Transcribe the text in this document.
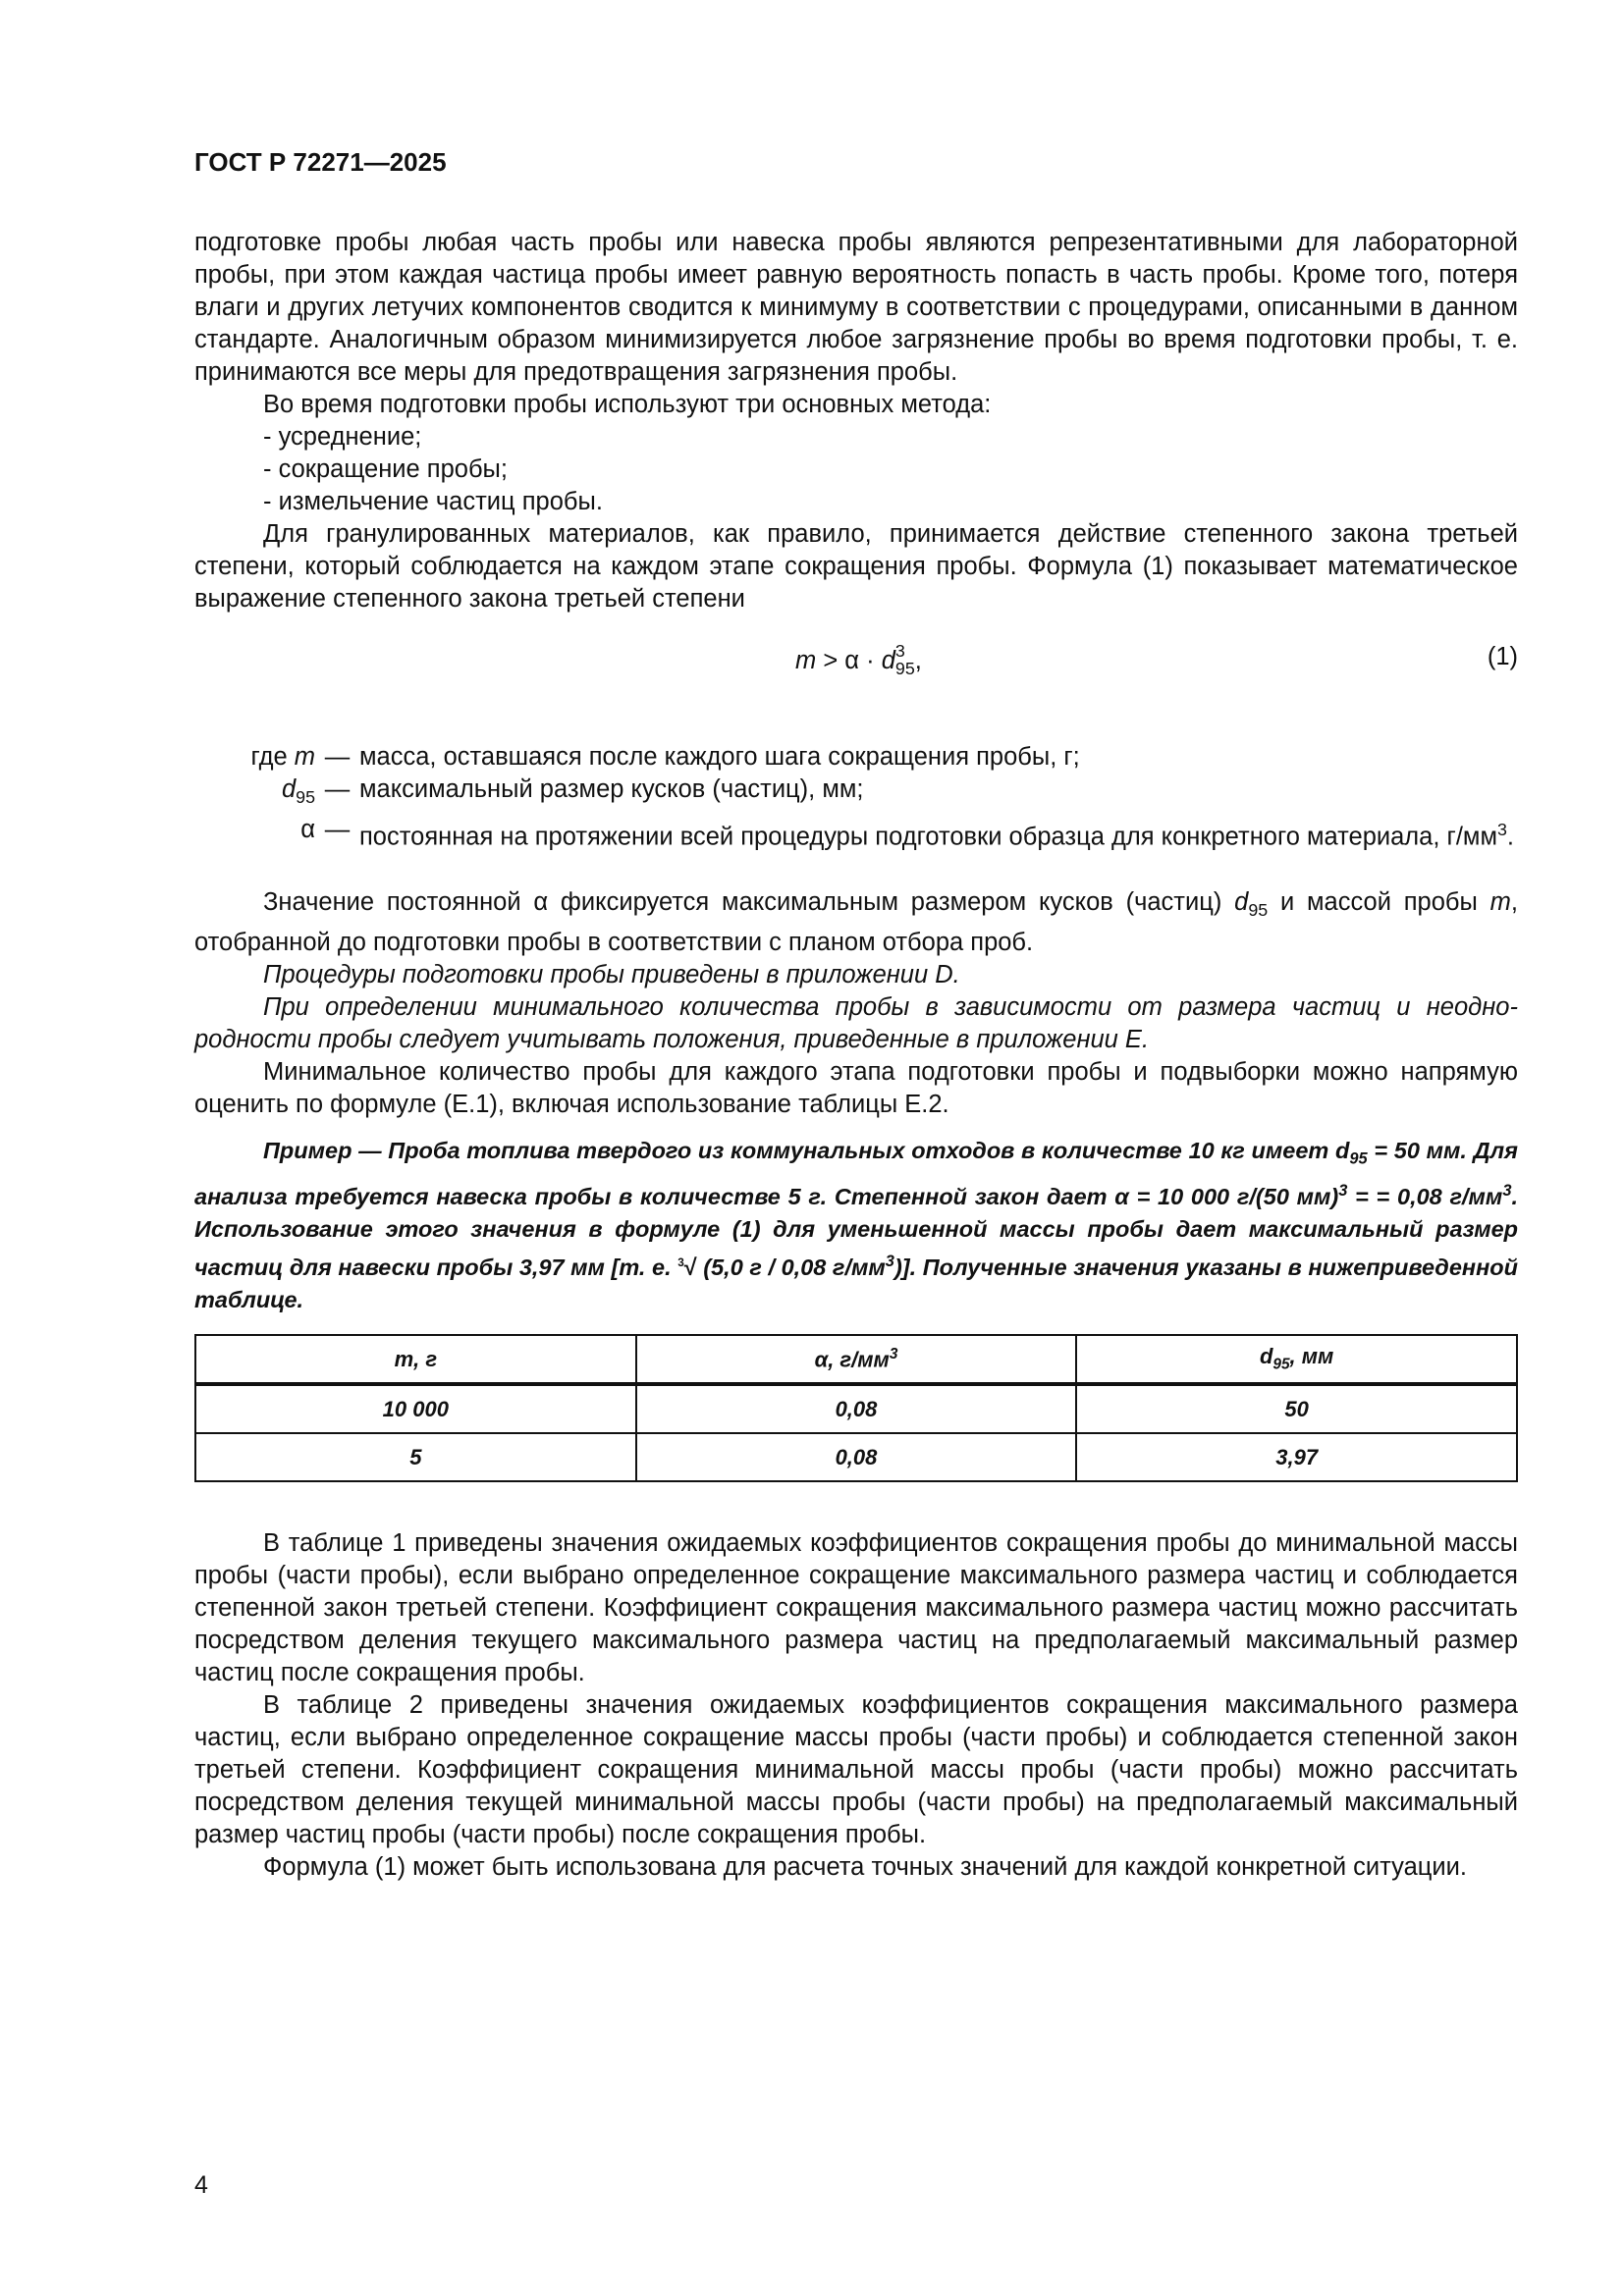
ГОСТ Р 72271—2025

подготовке пробы любая часть пробы или навеска пробы являются репрезентативными для лабораторной пробы, при этом каждая частица пробы имеет равную вероятность попасть в часть пробы. Кроме того, потеря влаги и других летучих компонентов сводится к минимуму в соответствии с процедурами, описанными в данном стандарте. Аналогичным образом минимизируется любое загрязнение пробы во время подготовки пробы, т. е. принимаются все меры для предотвращения загрязнения пробы.

Во время подготовки пробы используют три основных метода:

- усреднение;
- сокращение пробы;
- измельчение частиц пробы.

Для гранулированных материалов, как правило, принимается действие степенного закона третьей степени, который соблюдается на каждом этапе сокращения пробы. Формула (1) показывает математическое выражение степенного закона третьей степени

m > α · d 3
95 ,	(1)
где m — масса, оставшаяся после каждого шага сокращения пробы, г;
$d_{95}$ — максимальный размер кусков (частиц), мм;
α — постоянная на протяжении всей процедуры подготовки образца для конкретного материала, $г/мм^3$.

Значение постоянной α фиксируется максимальным размером кусков (частиц) $d_{95}$ и массой пробы m, отобранной до подготовки пробы в соответствии с планом отбора проб.

Процедуры подготовки пробы приведены в приложении D.

При определении минимального количества пробы в зависимости от размера частиц и неоднородности пробы следует учитывать положения, приведенные в приложении E.

Минимальное количество пробы для каждого этапа подготовки пробы и подвыборки можно напрямую оценить по формуле (E.1), включая использование таблицы E.2.

Пример — Проба топлива твердого из коммунальных отходов в количестве 10 кг имеет $d_{95} = 50$ мм. Для анализа требуется навеска пробы в количестве 5 г. Степенной закон дает α = 10 000 г/(50 мм)$^3$ = = 0,08 $г/мм^3$. Использование этого значения в формуле (1) для уменьшенной массы пробы дает максимальный размер частиц для навески пробы 3,97 мм [т. е. $^3$√ (5,0 г / 0,08 $г/мм^3$)]. Полученные значения указаны в нижеприведенной таблице.

m, г	α, $г/мм^3$	$d_{95}$, мм
10 000	0,08	50
5	0,08	3,97

В таблице 1 приведены значения ожидаемых коэффициентов сокращения пробы до минимальной массы пробы (части пробы), если выбрано определенное сокращение максимального размера частиц и соблюдается степенной закон третьей степени. Коэффициент сокращения максимального размера частиц можно рассчитать посредством деления текущего максимального размера частиц на предполагаемый максимальный размер частиц после сокращения пробы.

В таблице 2 приведены значения ожидаемых коэффициентов сокращения максимального размера частиц, если выбрано определенное сокращение массы пробы (части пробы) и соблюдается степенной закон третьей степени. Коэффициент сокращения минимальной массы пробы (части пробы) можно рассчитать посредством деления текущей минимальной массы пробы (части пробы) на предполагаемый максимальный размер частиц пробы (части пробы) после сокращения пробы.

Формула (1) может быть использована для расчета точных значений для каждой конкретной ситуации.

4
